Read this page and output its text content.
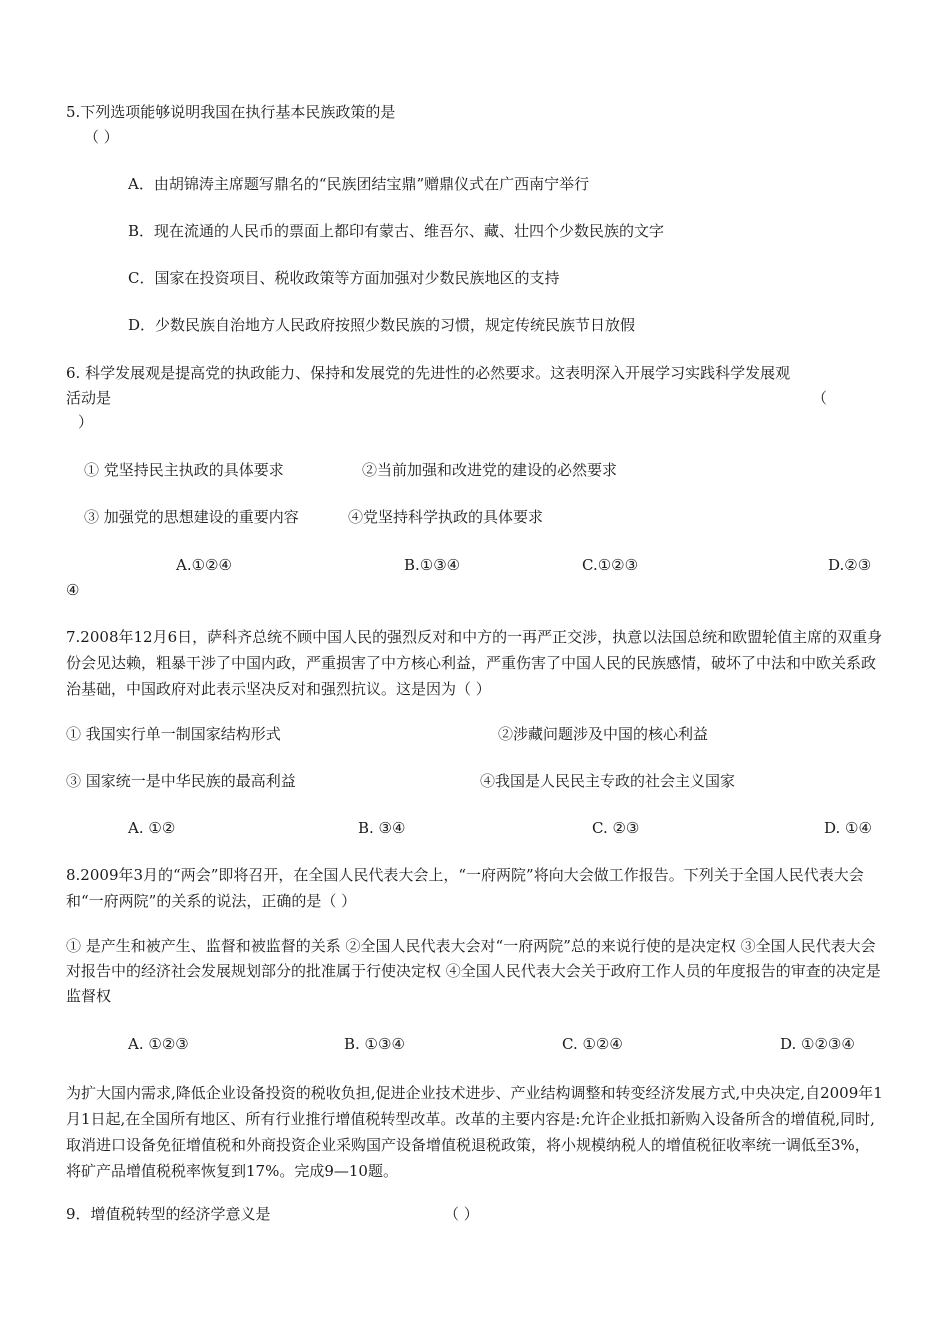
5.下列选项能够说明我国在执行基本民族政策的是
（ ）
A．由胡锦涛主席题写鼎名的“民族团结宝鼎”赠鼎仪式在广西南宁举行
B．现在流通的人民币的票面上都印有蒙古、维吾尔、藏、壮四个少数民族的文字
C．国家在投资项目、税收政策等方面加强对少数民族地区的支持
D．少数民族自治地方人民政府按照少数民族的习惯，规定传统民族节日放假
6. 科学发展观是提高党的执政能力、保持和发展党的先进性的必然要求。这表明深入开展学习实践科学发展观
活动是	（
）
① 党坚持民主执政的具体要求	②当前加强和改进党的建设的必然要求
③ 加强党的思想建设的重要内容	④党坚持科学执政的具体要求
A.①②④	B.①③④	C.①②③	D.②③
④
7.2008年12月6日，萨科齐总统不顾中国人民的强烈反对和中方的一再严正交涉，执意以法国总统和欧盟轮值主席的双重身份会见达赖，粗暴干涉了中国内政，严重损害了中方核心利益，严重伤害了中国人民的民族感情，破坏了中法和中欧关系政治基础，中国政府对此表示坚决反对和强烈抗议。这是因为（ ）
① 我国实行单一制国家结构形式	②涉藏问题涉及中国的核心利益
③ 国家统一是中华民族的最高利益	④我国是人民民主专政的社会主义国家
A. ①②	B. ③④	C. ②③	D. ①④
8.2009年3月的“两会”即将召开，在全国人民代表大会上，“一府两院”将向大会做工作报告。下列关于全国人民代表大会和“一府两院”的关系的说法，正确的是（ ）
① 是产生和被产生、监督和被监督的关系 ②全国人民代表大会对“一府两院”总的来说行使的是决定权 ③全国人民代表大会对报告中的经济社会发展规划部分的批准属于行使决定权 ④全国人民代表大会关于政府工作人员的年度报告的审查的决定是监督权
A. ①②③	B. ①③④	C. ①②④	D. ①②③④
为扩大国内需求,降低企业设备投资的税收负担,促进企业技术进步、产业结构调整和转变经济发展方式,中央决定,自2009年1月1日起,在全国所有地区、所有行业推行增值税转型改革。改革的主要内容是:允许企业抵扣新购入设备所含的增值税,同时,取消进口设备免征增值税和外商投资企业采购国产设备增值税退税政策，将小规模纳税人的增值税征收率统一调低至3%，将矿产品增值税税率恢复到17%。完成9—10题。
9．增值税转型的经济学意义是	（ ）
